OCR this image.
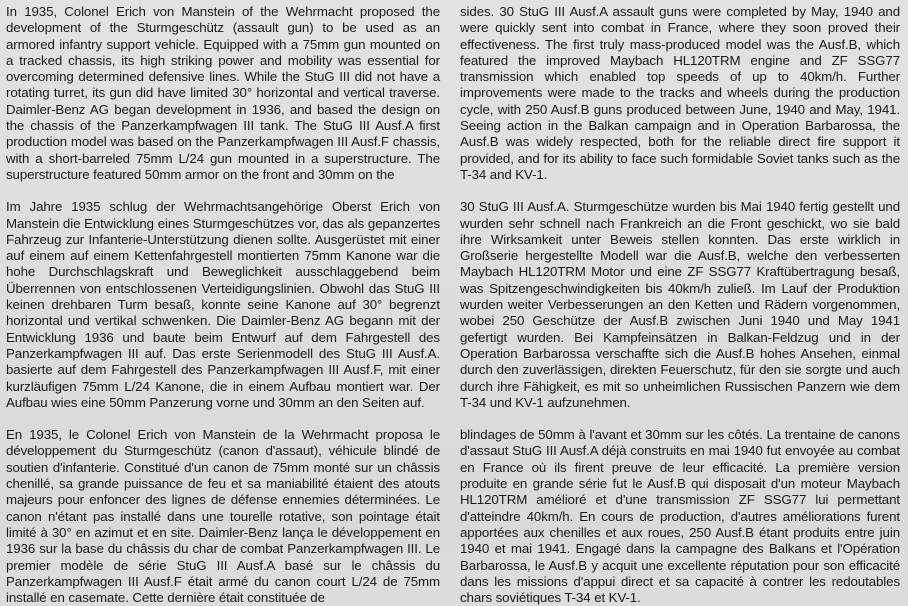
In 1935, Colonel Erich von Manstein of the Wehrmacht proposed the development of the Sturmgeschütz (assault gun) to be used as an armored infantry support vehicle. Equipped with a 75mm gun mounted on a tracked chassis, its high striking power and mobility was essential for overcoming determined defensive lines. While the StuG III did not have a rotating turret, its gun did have limited 30° horizontal and vertical traverse. Daimler-Benz AG began development in 1936, and based the design on the chassis of the Panzerkampfwagen III tank. The StuG III Ausf.A first production model was based on the Panzerkampfwagen III Ausf.F chassis, with a short-barreled 75mm L/24 gun mounted in a superstructure. The superstructure featured 50mm armor on the front and 30mm on the

Im Jahre 1935 schlug der Wehrmachtsangehörige Oberst Erich von Manstein die Entwicklung eines Sturmgeschützes vor, das als gepanzertes Fahrzeug zur Infanterie-Unterstützung dienen sollte. Ausgerüstet mit einer auf einem auf einem Kettenfahrgestell montierten 75mm Kanone war die hohe Durchschlagskraft und Beweglichkeit ausschlaggebend beim Überrennen von entschlossenen Verteidigungslinien. Obwohl das StuG III keinen drehbaren Turm besaß, konnte seine Kanone auf 30° begrenzt horizontal und vertikal schwenken. Die Daimler-Benz AG begann mit der Entwicklung 1936 und baute beim Entwurf auf dem Fahrgestell des Panzerkampfwagen III auf. Das erste Serienmodell des StuG III Ausf.A. basierte auf dem Fahrgestell des Panzerkampfwagen III Ausf.F, mit einer kurzläufigen 75mm L/24 Kanone, die in einem Aufbau montiert war. Der Aufbau wies eine 50mm Panzerung vorne und 30mm an den Seiten auf.

En 1935, le Colonel Erich von Manstein de la Wehrmacht proposa le développement du Sturmgeschütz (canon d'assaut), véhicule blindé de soutien d'infanterie. Constitué d'un canon de 75mm monté sur un châssis chenillé, sa grande puissance de feu et sa maniabilité étaient des atouts majeurs pour enfoncer des lignes de défense ennemies déterminées. Le canon n'étant pas installé dans une tourelle rotative, son pointage était limité à 30° en azimut et en site. Daimler-Benz lança le développement en 1936 sur la base du châssis du char de combat Panzerkampfwagen III. Le premier modèle de série StuG III Ausf.A basé sur le châssis du Panzerkampfwagen III Ausf.F était armé du canon court L/24 de 75mm installé en casemate. Cette dernière était constituée de

sides. 30 StuG III Ausf.A assault guns were completed by May, 1940 and were quickly sent into combat in France, where they soon proved their effectiveness. The first truly mass-produced model was the Ausf.B, which featured the improved Maybach HL120TRM engine and ZF SSG77 transmission which enabled top speeds of up to 40km/h. Further improvements were made to the tracks and wheels during the production cycle, with 250 Ausf.B guns produced between June, 1940 and May, 1941. Seeing action in the Balkan campaign and in Operation Barbarossa, the Ausf.B was widely respected, both for the reliable direct fire support it provided, and for its ability to face such formidable Soviet tanks such as the T-34 and KV-1.

30 StuG III Ausf.A. Sturmgeschütze wurden bis Mai 1940 fertig gestellt und wurden sehr schnell nach Frankreich an die Front geschickt, wo sie bald ihre Wirksamkeit unter Beweis stellen konnten. Das erste wirklich in Großserie hergestellte Modell war die Ausf.B, welche den verbesserten Maybach HL120TRM Motor und eine ZF SSG77 Kraftübertragung besaß, was Spitzengeschwindigkeiten bis 40km/h zuließ. Im Lauf der Produktion wurden weiter Verbesserungen an den Ketten und Rädern vorgenommen, wobei 250 Geschütze der Ausf.B zwischen Juni 1940 und May 1941 gefertigt wurden. Bei Kampfeinsätzen in Balkan-Feldzug und in der Operation Barbarossa verschaffte sich die Ausf.B hohes Ansehen, einmal durch den zuverlässigen, direkten Feuerschutz, für den sie sorgte und auch durch ihre Fähigkeit, es mit so unheimlichen Russischen Panzern wie dem T-34 und KV-1 aufzunehmen.

blindages de 50mm à l'avant et 30mm sur les côtés. La trentaine de canons d'assaut StuG III Ausf.A déjà construits en mai 1940 fut envoyée au combat en France où ils firent preuve de leur efficacité. La première version produite en grande série fut le Ausf.B qui disposait d'un moteur Maybach HL120TRM amélioré et d'une transmission ZF SSG77 lui permettant d'atteindre 40km/h. En cours de production, d'autres améliorations furent apportées aux chenilles et aux roues, 250 Ausf.B étant produits entre juin 1940 et mai 1941. Engagé dans la campagne des Balkans et l'Opération Barbarossa, le Ausf.B y acquit une excellente réputation pour son efficacité dans les missions d'appui direct et sa capacité à contrer les redoutables chars soviétiques T-34 et KV-1.
